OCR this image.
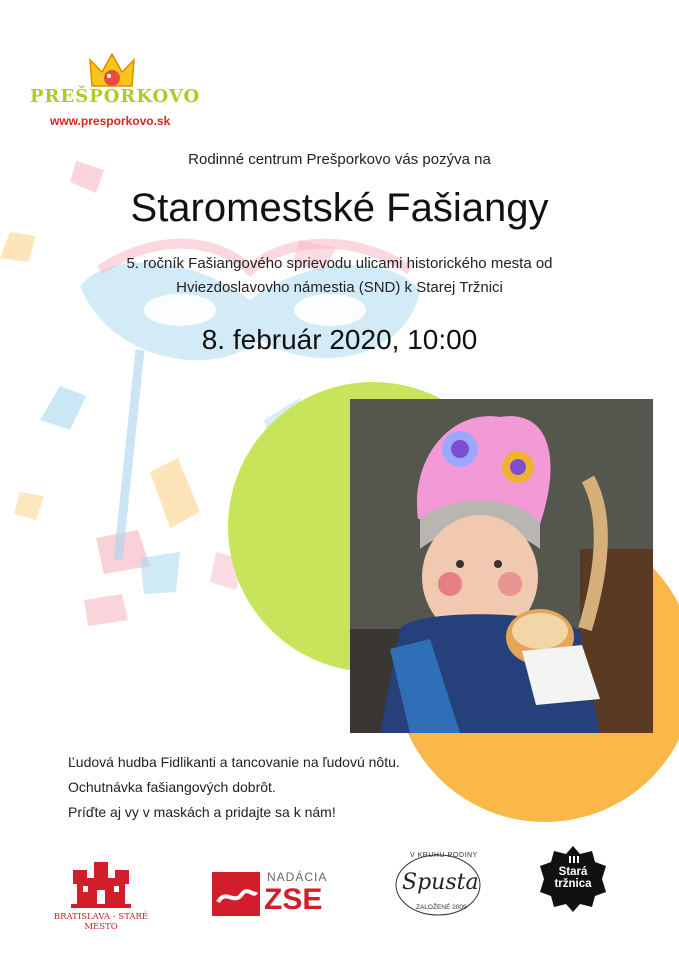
PREŠPORKOVO
www.presporkovo.sk
Rodinné centrum Prešporkovo vás pozýva na
Staromestské Fašiangy
5. ročník Fašiangového sprievodu ulicami historického mesta od
Hviezdoslavovho námestia (SND) k Starej Tržnici
8. február 2020, 10:00
Ľudová hudba Fidlikanti a tancovanie na ľudovú nôtu.
Ochutnávka fašiangových dobrôt.
Príďte aj vy v maskách a pridajte sa k nám!
BRATISLAVA - STARÉ MESTO
NADÁCIA
ZSE
V KRUHU RODINY
Spusta
ZALOŽENÉ 2009
Stará
tržnica
